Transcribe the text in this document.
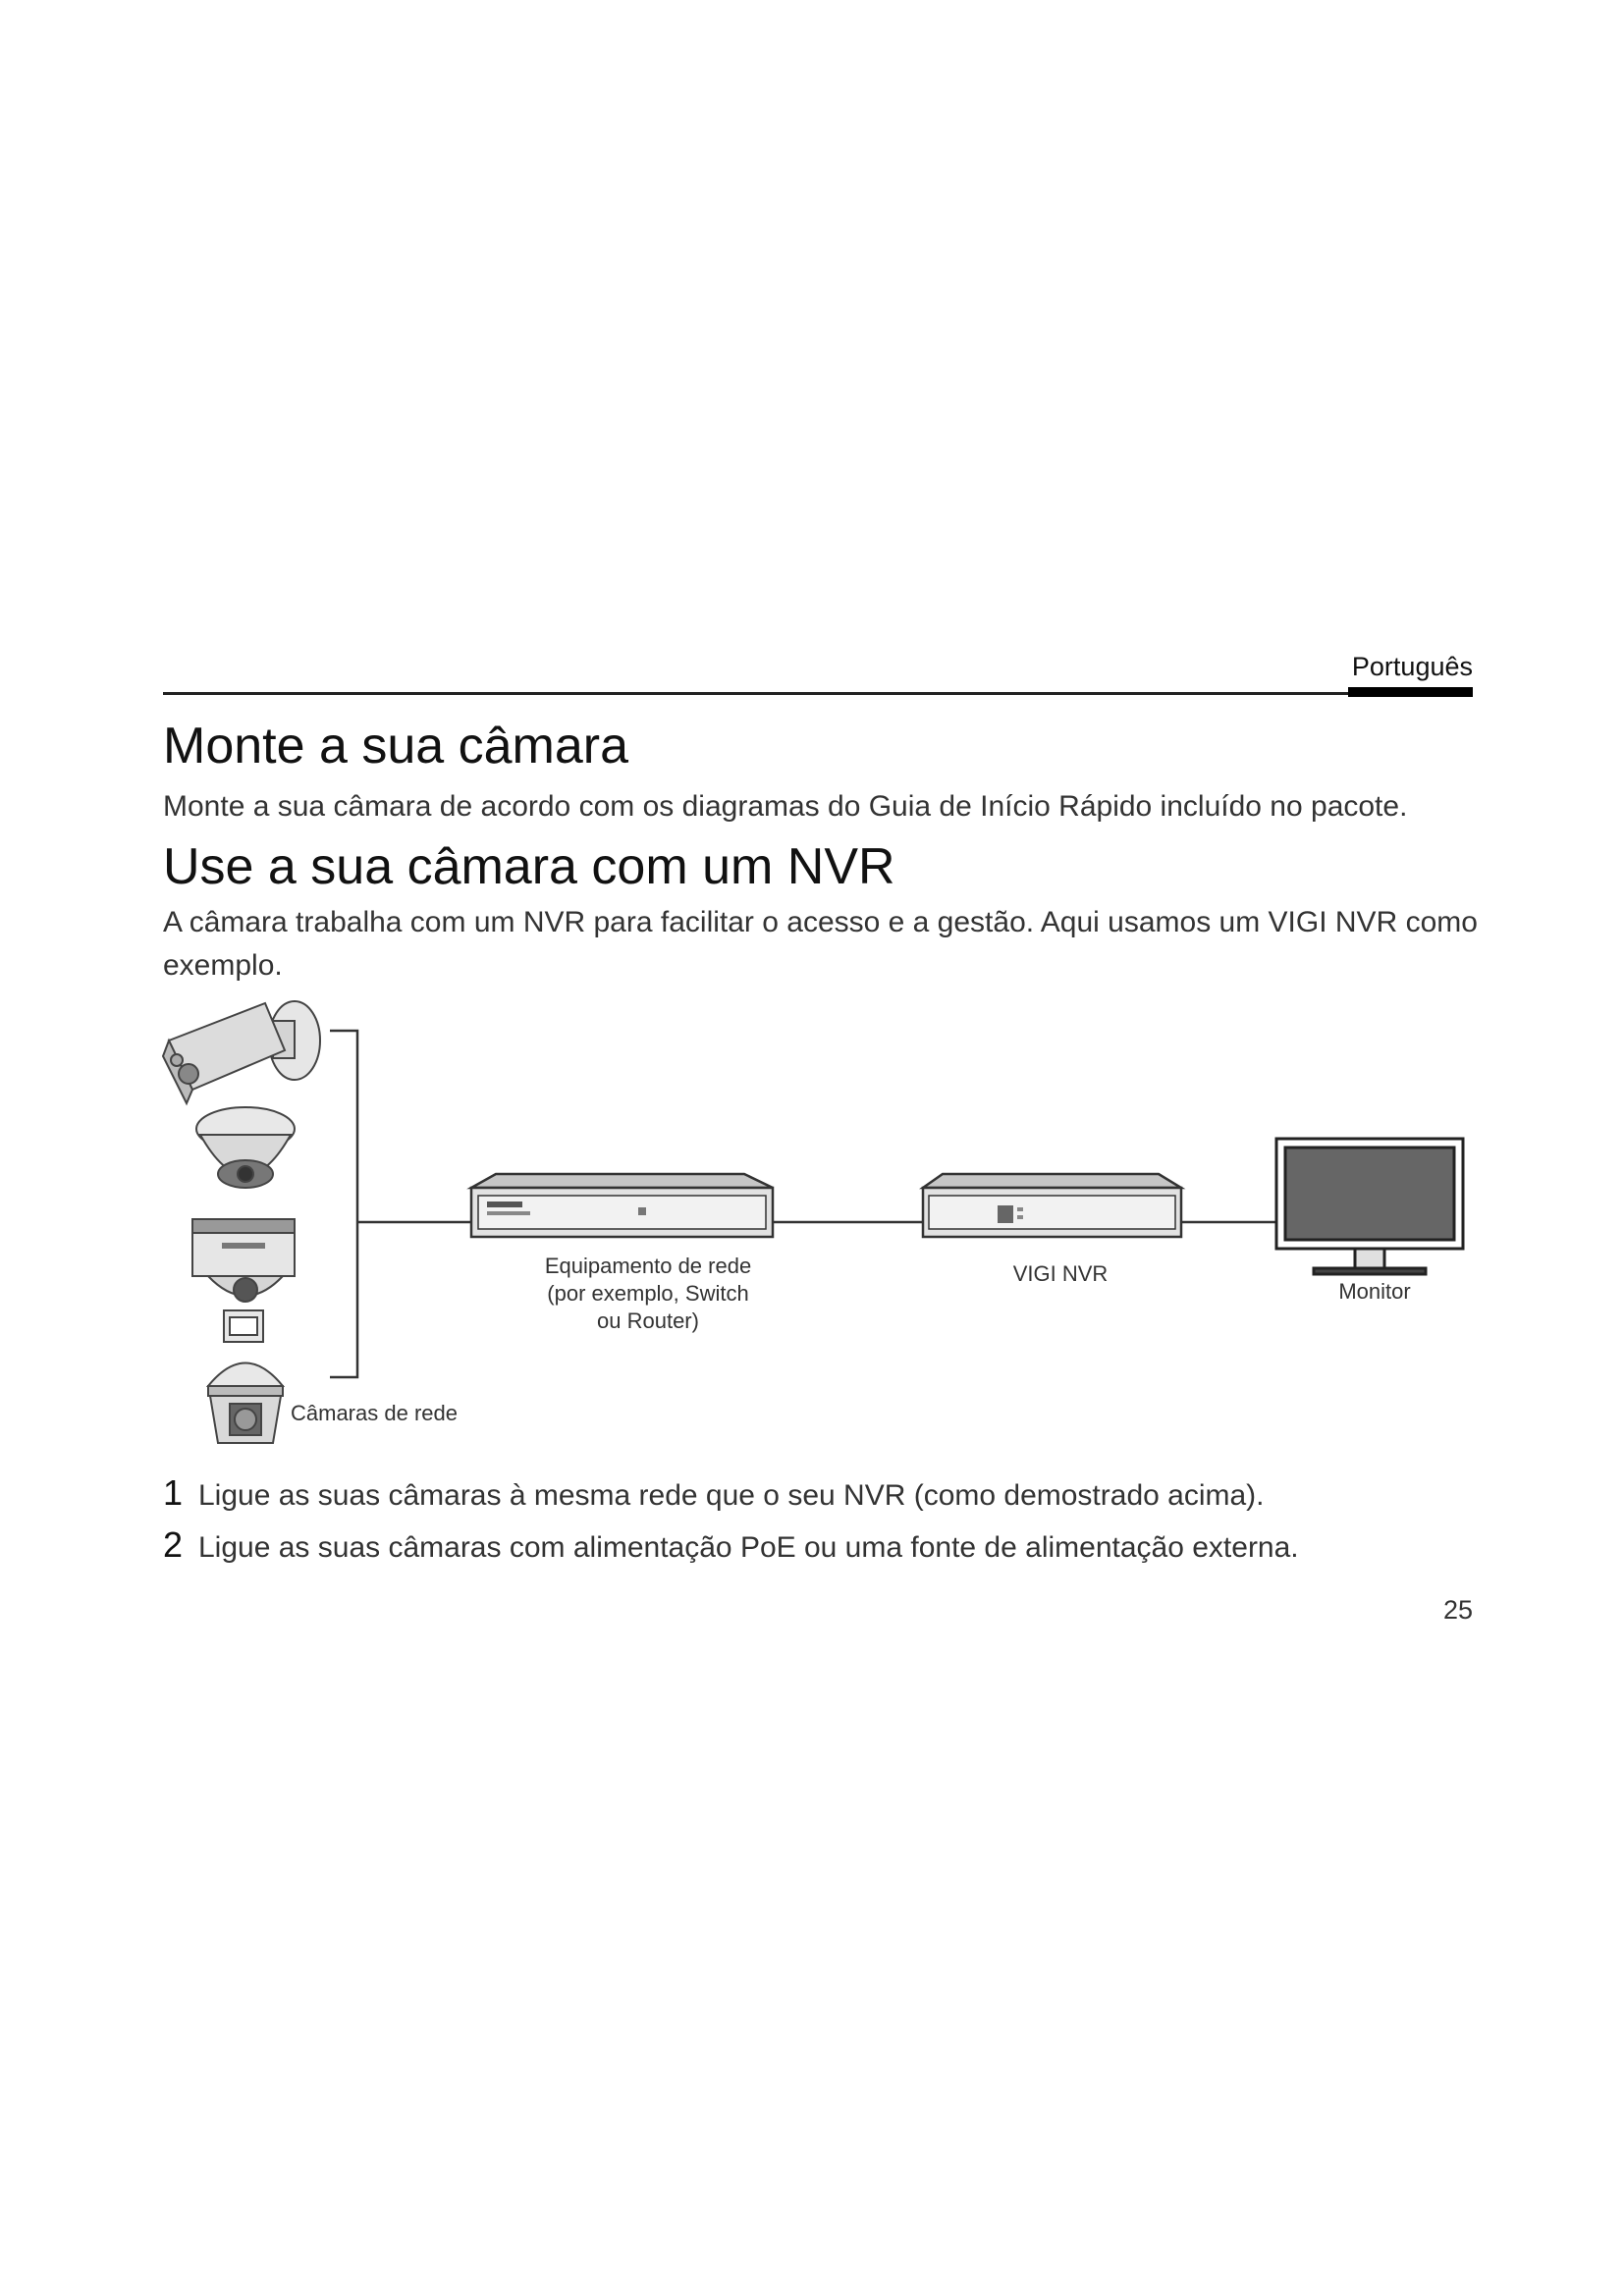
Português
Monte a sua câmara
Monte a sua câmara de acordo com os diagramas do Guia de Início Rápido incluído no pacote.
Use a sua câmara com um NVR
A câmara trabalha com um NVR para facilitar o acesso e a gestão. Aqui usamos um VIGI NVR como exemplo.
Equipamento de rede
(por exemplo, Switch
ou Router)
VIGI NVR
Monitor
Câmaras de rede
1 Ligue as suas câmaras à mesma rede que o seu NVR (como demostrado acima).
2 Ligue as suas câmaras com alimentação PoE ou uma fonte de alimentação externa.
25
